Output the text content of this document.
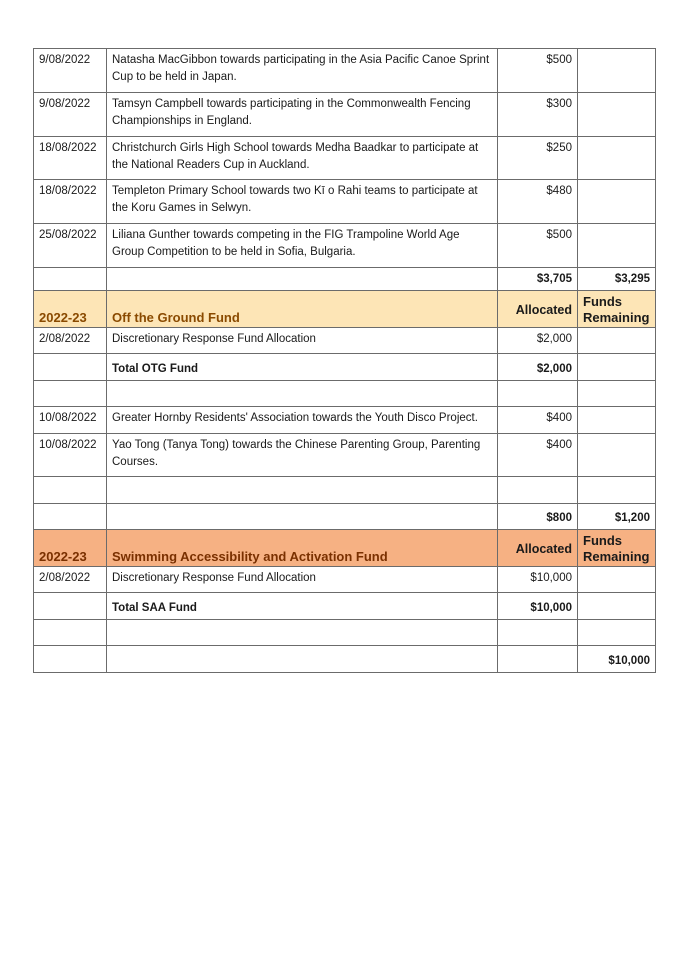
9/08/2022	Natasha MacGibbon towards participating in the Asia Pacific Canoe Sprint Cup to be held in Japan.	$500	
9/08/2022	Tamsyn Campbell towards participating in the Commonwealth Fencing Championships in England.	$300	
18/08/2022	Christchurch Girls High School towards Medha Baadkar to participate at the National Readers Cup in Auckland.	$250	
18/08/2022	Templeton Primary School towards two Kī o Rahi teams to participate at the Koru Games in Selwyn.	$480	
25/08/2022	Liliana Gunther towards competing in the FIG Trampoline World Age Group Competition to be held in Sofia, Bulgaria.	$500	
		$3,705	$3,295
2022-23	Off the Ground Fund	Allocated	Funds
Remaining

2/08/2022	Discretionary Response Fund Allocation	$2,000	
	Total OTG Fund	$2,000	

10/08/2022	Greater Hornby Residents' Association towards the Youth Disco Project.	$400	
10/08/2022	Yao Tong (Tanya Tong) towards the Chinese Parenting Group, Parenting Courses.	$400	

		$800	$1,200
2022-23	Swimming Accessibility and Activation Fund	Allocated	Funds
Remaining

2/08/2022	Discretionary Response Fund Allocation	$10,000	
	Total SAA Fund	$10,000	

			$10,000
